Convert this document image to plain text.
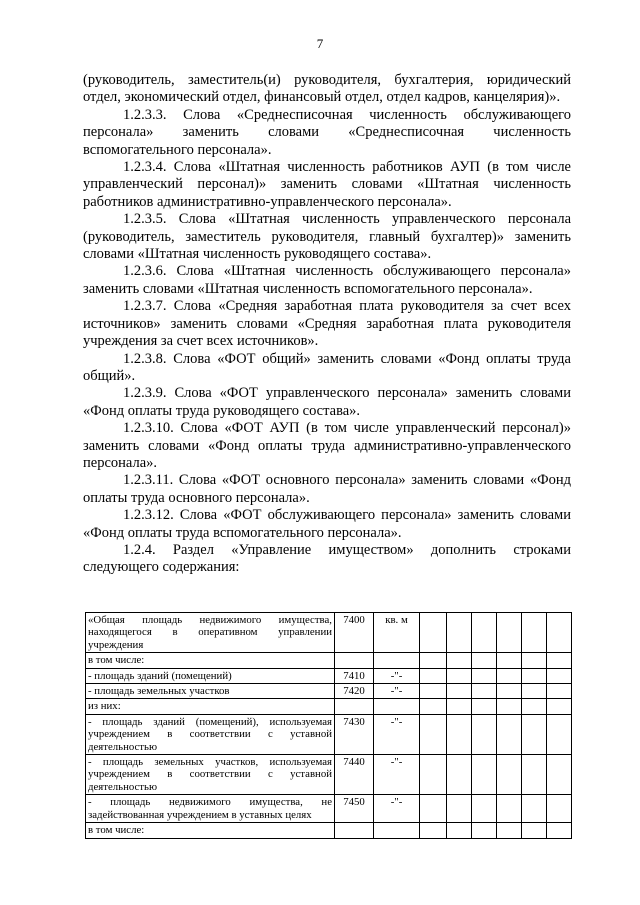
7

(руководитель, заместитель(и) руководителя, бухгалтерия, юридический отдел, экономический отдел, финансовый отдел, отдел кадров, канцелярия)».

1.2.3.3. Слова «Среднесписочная численность обслуживающего персонала» заменить словами «Среднесписочная численность вспомогательного персонала».

1.2.3.4. Слова «Штатная численность работников АУП (в том числе управленческий персонал)» заменить словами «Штатная численность работников административно-управленческого персонала».

1.2.3.5. Слова «Штатная численность управленческого персонала (руководитель, заместитель руководителя, главный бухгалтер)» заменить словами «Штатная численность руководящего состава».

1.2.3.6. Слова «Штатная численность обслуживающего персонала» заменить словами «Штатная численность вспомогательного персонала».

1.2.3.7. Слова «Средняя заработная плата руководителя за счет всех источников» заменить словами «Средняя заработная плата руководителя учреждения за счет всех источников».

1.2.3.8. Слова «ФОТ общий» заменить словами «Фонд оплаты труда общий».

1.2.3.9. Слова «ФОТ управленческого персонала» заменить словами «Фонд оплаты труда руководящего состава».

1.2.3.10. Слова «ФОТ АУП (в том числе управленческий персонал)» заменить словами «Фонд оплаты труда административно-управленческого персонала».

1.2.3.11. Слова «ФОТ основного персонала» заменить словами «Фонд оплаты труда основного персонала».

1.2.3.12. Слова «ФОТ обслуживающего персонала» заменить словами «Фонд оплаты труда вспомогательного персонала».

1.2.4. Раздел «Управление имуществом» дополнить строками следующего содержания:

«Общая площадь недвижимого имущества, находящегося в оперативном управлении учреждения	7400	кв. м						
в том числе:								
- площадь зданий (помещений)	7410	-"-						
- площадь земельных участков	7420	-"-						
из них:								
- площадь зданий (помещений), используемая учреждением в соответствии с уставной деятельностью	7430	-"-						
- площадь земельных участков, используемая учреждением в соответствии с уставной деятельностью	7440	-"-						
- площадь недвижимого имущества, не задействованная учреждением в уставных целях	7450	-"-						
в том числе:								
